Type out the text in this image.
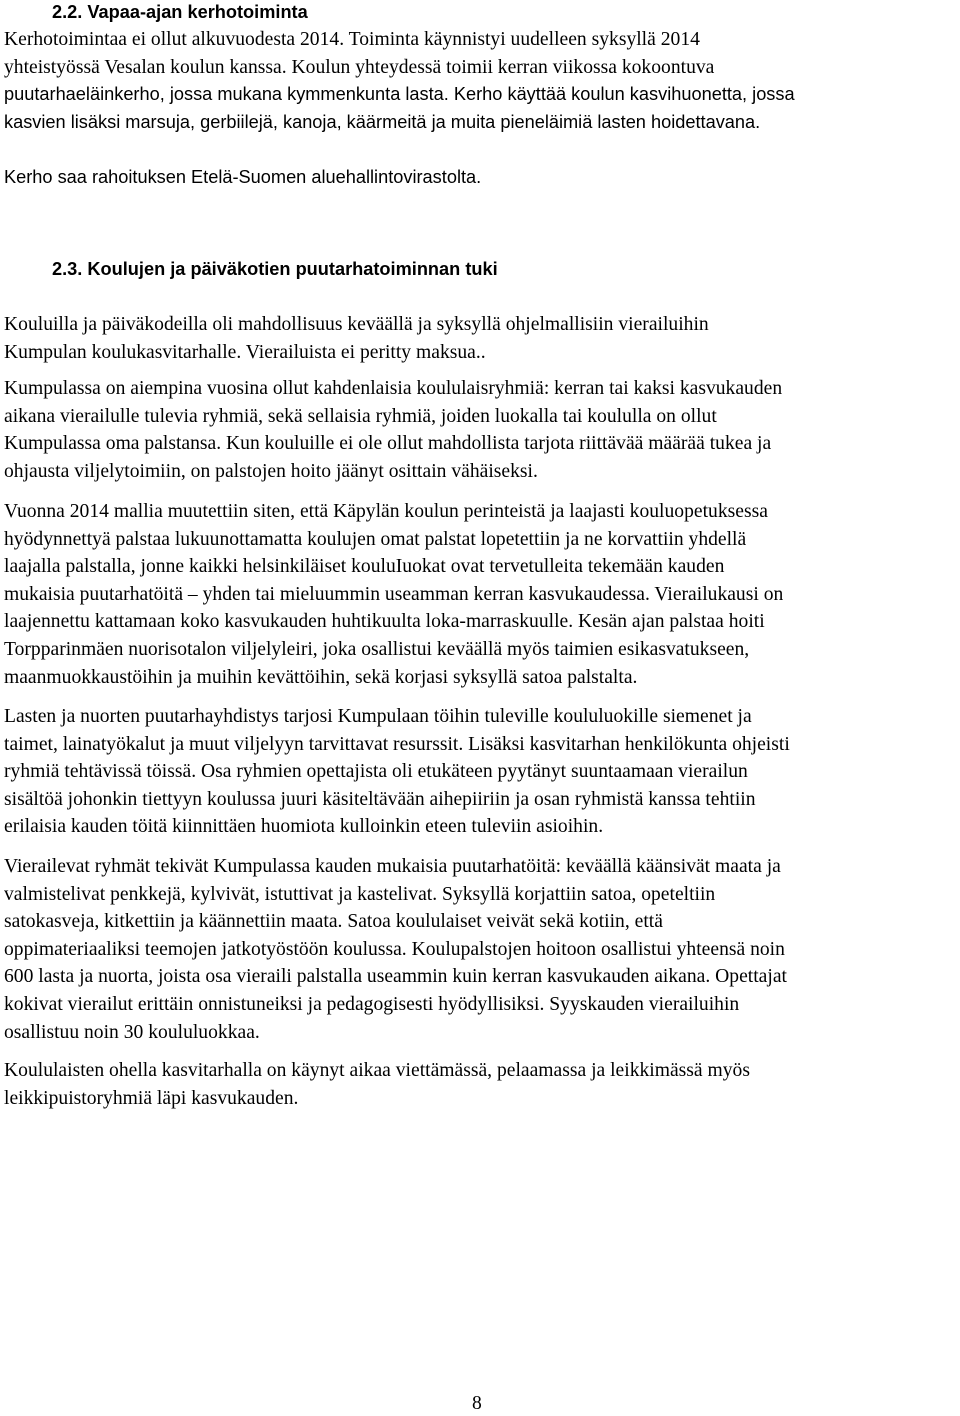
2.2. Vapaa-ajan kerhotoiminta
Kerhotoimintaa ei ollut alkuvuodesta 2014. Toiminta käynnistyi uudelleen syksyllä 2014
yhteistyössä Vesalan koulun kanssa. Koulun yhteydessä toimii kerran viikossa kokoontuva
puutarhaeläinkerho, jossa mukana kymmenkunta lasta. Kerho käyttää koulun kasvihuonetta, jossa
kasvien lisäksi marsuja, gerbiilejä, kanoja, käärmeitä ja muita pieneläimiä lasten hoidettavana.
Kerho saa rahoituksen Etelä-Suomen aluehallintovirastolta.
2.3. Koulujen ja päiväkotien puutarhatoiminnan tuki
Kouluilla ja päiväkodeilla oli mahdollisuus keväällä ja syksyllä ohjelmallisiin vierailuihin
Kumpulan koulukasvitarhalle. Vierailuista ei peritty maksua..
Kumpulassa on aiempina vuosina ollut kahdenlaisia koululaisryhmiä: kerran tai kaksi kasvukauden
aikana vierailulle tulevia ryhmiä, sekä sellaisia ryhmiä, joiden luokalla tai koululla on ollut
Kumpulassa oma palstansa. Kun kouluille ei ole ollut mahdollista tarjota riittävää määrää tukea ja
ohjausta viljelytoimiin, on palstojen hoito jäänyt osittain vähäiseksi.
Vuonna 2014 mallia muutettiin siten, että Käpylän koulun perinteistä ja laajasti kouluopetuksessa
hyödynnettyä palstaa lukuunottamatta koulujen omat palstat lopetettiin ja ne korvattiin yhdellä
laajalla palstalla, jonne kaikki helsinkiläiset kouluIuokat ovat tervetulleita tekemään kauden
mukaisia puutarhatöitä – yhden tai mieluummin useamman kerran kasvukaudessa. Vierailukausi on
laajennettu kattamaan koko kasvukauden huhtikuulta loka-marraskuulle. Kesän ajan palstaa hoiti
Torpparinmäen nuorisotalon viljelyleiri, joka osallistui keväällä myös taimien esikasvatukseen,
maanmuokkaustöihin ja muihin kevättöihin, sekä korjasi syksyllä satoa palstalta.
Lasten ja nuorten puutarhayhdistys tarjosi Kumpulaan töihin tuleville koululuokille siemenet ja
taimet, lainatyökalut ja muut viljelyyn tarvittavat resurssit. Lisäksi kasvitarhan henkilökunta ohjeisti
ryhmiä tehtävissä töissä. Osa ryhmien opettajista oli etukäteen pyytänyt suuntaamaan vierailun
sisältöä johonkin tiettyyn koulussa juuri käsiteltävään aihepiiriin ja osan ryhmistä kanssa tehtiin
erilaisia kauden töitä kiinnittäen huomiota kulloinkin eteen tuleviin asioihin.
Vierailevat ryhmät tekivät Kumpulassa kauden mukaisia puutarhatöitä: keväällä käänsivät maata ja
valmistelivat penkkejä, kylvivät, istuttivat ja kastelivat. Syksyllä korjattiin satoa, opeteltiin
satokasveja, kitkettiin ja käännettiin maata. Satoa koululaiset veivät sekä kotiin, että
oppimateriaaliksi teemojen jatkotyöstöön koulussa. Koulupalstojen hoitoon osallistui yhteensä noin
600 lasta ja nuorta, joista osa vieraili palstalla useammin kuin kerran kasvukauden aikana. Opettajat
kokivat vierailut erittäin onnistuneiksi ja pedagogisesti hyödyllisiksi. Syyskauden vierailuihin
osallistuu noin 30 koululuokkaa.
Koululaisten ohella kasvitarhalla on käynyt aikaa viettämässä, pelaamassa ja leikkimässä myös
leikkipuistoryhmiä läpi kasvukauden.
8
